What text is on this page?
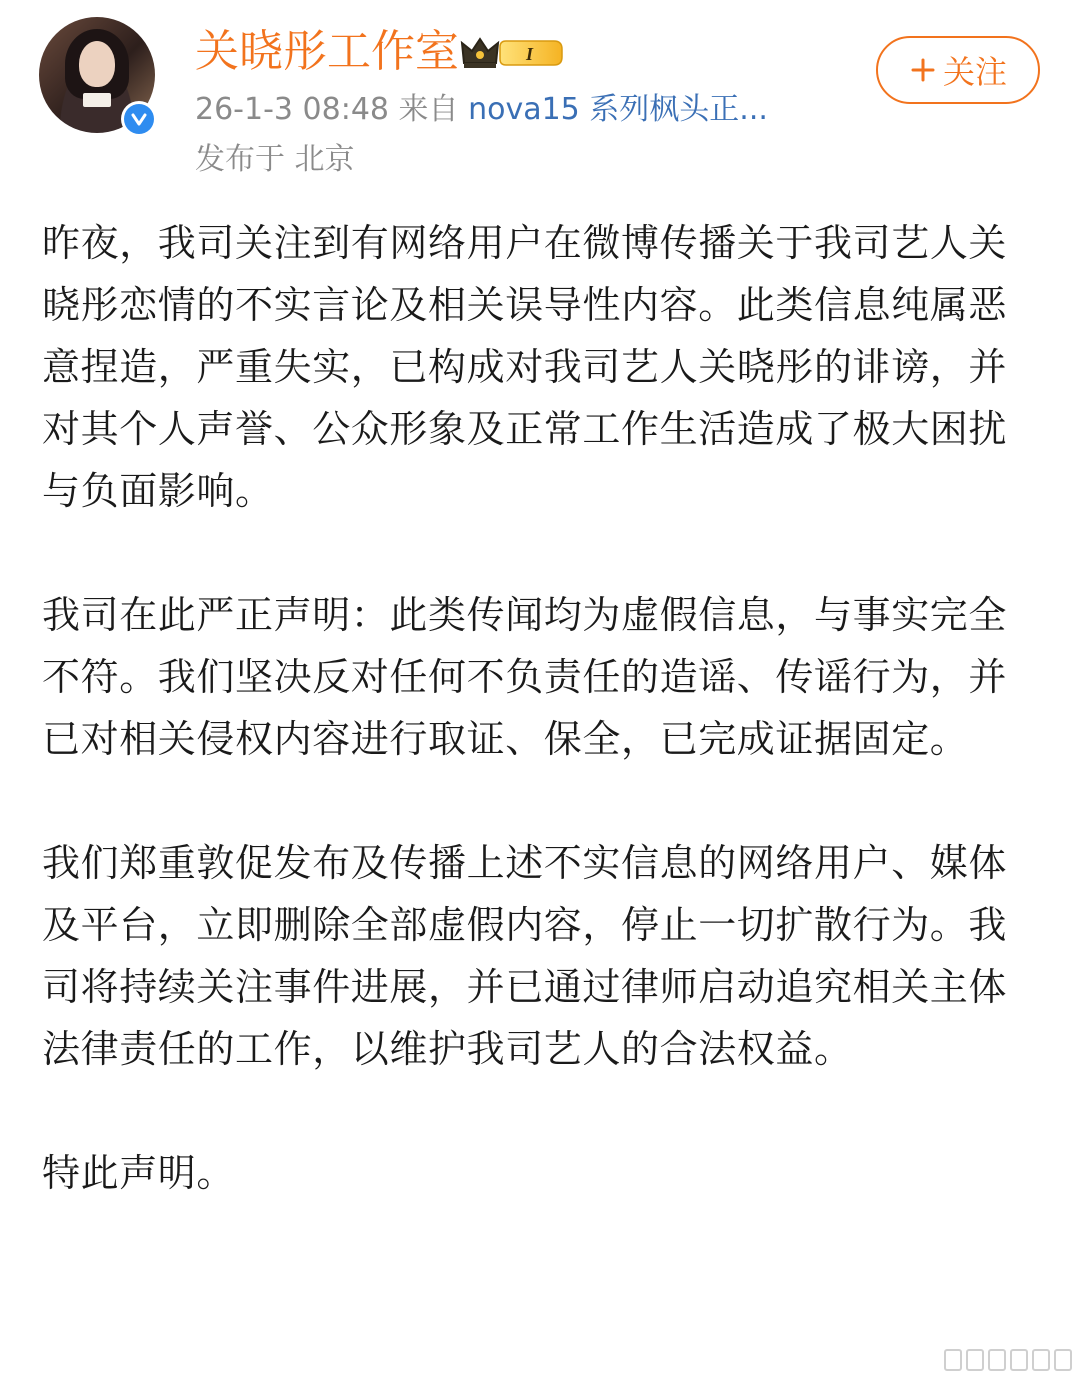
关晓彤工作室	I
26-1-3 08:48 来自 nova15 系列枫头正...
发布于 北京
关注

昨夜，我司关注到有网络用户在微博传播关于我司艺人关晓彤恋情的不实言论及相关误导性内容。此类信息纯属恶意捏造，严重失实，已构成对我司艺人关晓彤的诽谤，并对其个人声誉、公众形象及正常工作生活造成了极大困扰与负面影响。

我司在此严正声明：此类传闻均为虚假信息，与事实完全不符。我们坚决反对任何不负责任的造谣、传谣行为，并已对相关侵权内容进行取证、保全，已完成证据固定。

我们郑重敦促发布及传播上述不实信息的网络用户、媒体及平台，立即删除全部虚假内容，停止一切扩散行为。我司将持续关注事件进展，并已通过律师启动追究相关主体法律责任的工作，以维护我司艺人的合法权益。

特此声明。
